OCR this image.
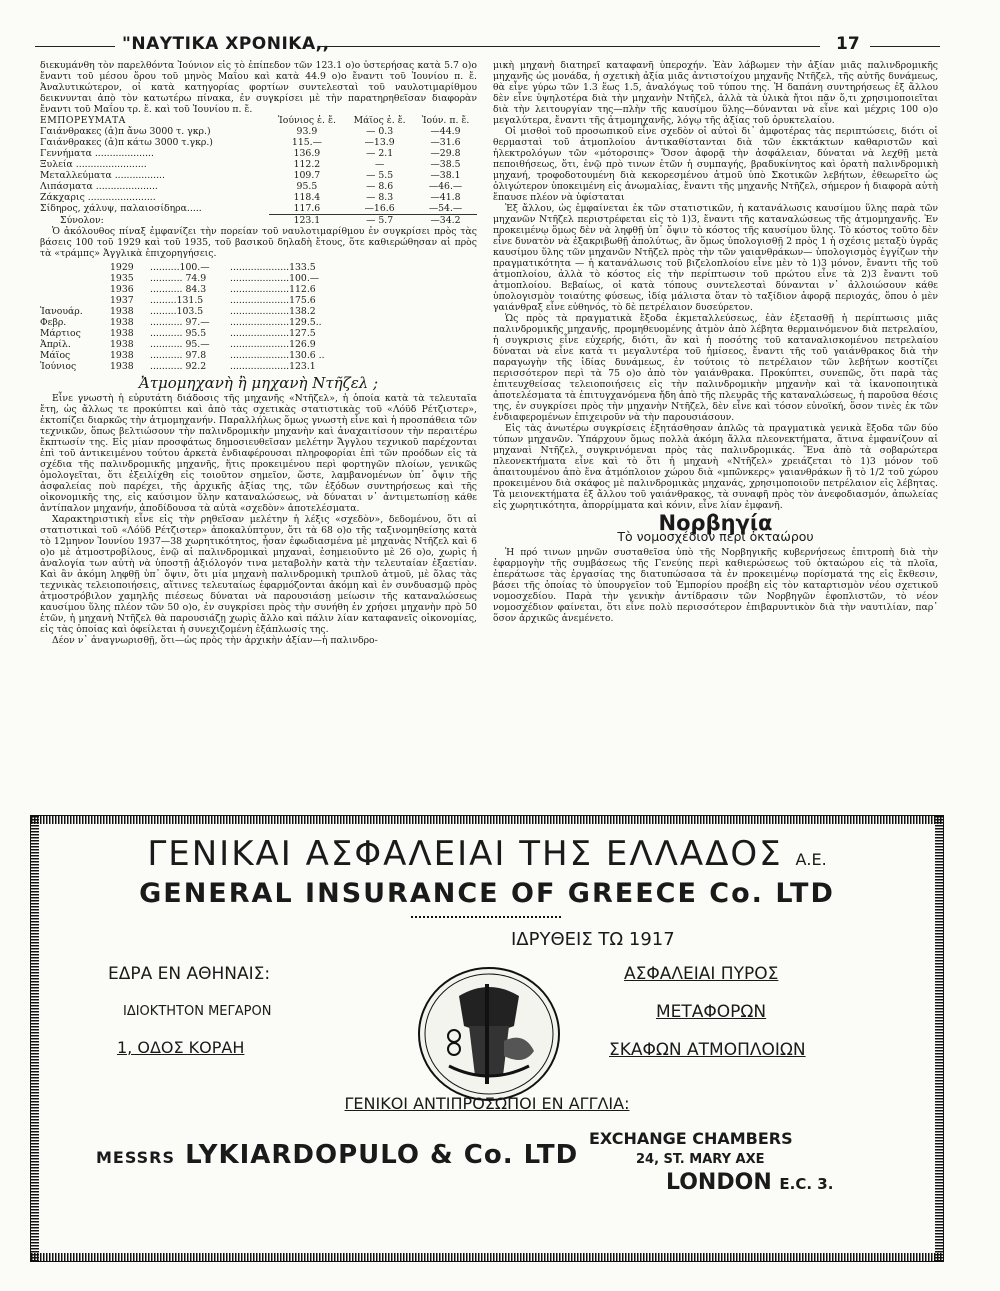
"ΝΑΥΤΙΚΑ ΧΡΟΝΙΚΑ,,	17

διεκυμάνθη τὸν παρελθόντα Ἰούνιον εἰς τὸ ἐπίπεδον τῶν 123.1 ο)ο ὑστερήσας κατὰ 5.7 ο)ο ἔναντι τοῦ μέσου ὅρου τοῦ μηνὸς Μαΐου καὶ κατὰ 44.9 ο)ο ἔναντι τοῦ Ἰουνίου π. ἔ. Ἀναλυτικώτερον, οἱ κατὰ κατηγορίας φορτίων συντελεσταὶ τοῦ ναυλοτιμαρίθμου δεικνυνται ἀπὸ τὸν κατωτέρω πίνακα, ἐν συγκρίσει μὲ τὴν παρατηρηθεῖσαν διαφορὰν ἔναντι τοῦ Μαΐου τρ. ἔ. καὶ τοῦ Ἰουνίου π. ἔ.

ΕΜΠΟΡΕΥΜΑΤΑ	Ἰούνιος ἐ. ἔ.	Μάϊος ἐ. ἔ.	Ἰούν. π. ἔ.
Γαιάνθρακες (ἀ)π ἄνω 3000 τ. γκρ.)	93.9	— 0.3	—44.9
Γαιάνθρακες (ἀ)π κάτω 3000 τ.γκρ.)	115.—	—13.9	—31.6
Γεννήματα ....................	136.9	— 2.1	—29.8
Ξυλεία ........................	112.2	—	—38.5
Μεταλλεύματα .................	109.7	— 5.5	—38.1
Λιπάσματα .....................	95.5	— 8.6	—46.—
Ζάκχαρις .......................	118.4	— 8.3	—41.8
Σίδηρος, χάλυψ, παλαιοσίδηρα.....	117.6	—16.6	—54.—
Σύνολον:	123.1	— 5.7	—34.2

Ὁ ἀκόλουθος πίναξ ἐμφανίζει τὴν πορείαν τοῦ ναυλοτιμαρίθμου ἐν συγκρίσει πρὸς τὰς βάσεις 100 τοῦ 1929 καὶ τοῦ 1935, τοῦ βασικοῦ δηλαδὴ ἔτους, ὅτε καθιερώθησαν αἱ πρὸς τὰ «τράμπς» Ἀγγλικὰ ἐπιχορηγήσεις.

1929	..........100.—	....................133.5
1935	........... 74.9	....................100.—
1936	........... 84.3	....................112.6
1937	.........131.5	....................175.6
Ἰανουάρ.	1938	.........103.5	....................138.2
Φεβρ.	1938	........... 97.—	....................129.5..
Μάρτιος	1938	........... 95.5	....................127.5
Ἀπρίλ.	1938	........... 95.—	....................126.9
Μάϊος	1938	........... 97.8	....................130.6 ..
Ἰούνιος	1938	........... 92.2	....................123.1
Ἀτμομηχανὴ ἢ μηχανὴ Ντῆζελ ;

Εἶνε γνωστὴ ἡ εὐρυτάτη διάδοσις τῆς μηχανῆς «Ντῆζελ», ἡ ὁποία κατὰ τὰ τελευταῖα ἔτη, ὡς ἄλλως τε προκύπτει καὶ ἀπὸ τὰς σχετικὰς στατιστικὰς τοῦ «Λόϋδ Ρέτζιστερ», ἐκτοπίζει διαρκῶς τὴν ἀτμομηχανήν. Παραλλήλως ὅμως γνωστὴ εἶνε καὶ ἡ προσπάθεια τῶν τεχνικῶν, ὅπως βελτιώσουν τὴν παλινδρομικὴν μηχανὴν καὶ ἀναχαιτίσουν τὴν περαιτέρω ἔκπτωσίν της. Εἰς μίαν προσφάτως δημοσιευθεῖσαν μελέτην Ἄγγλου τεχνικοῦ παρέχονται ἐπὶ τοῦ ἀντικειμένου τούτου ἀρκετὰ ἐνδιαφέρουσαι πληροφορίαι ἐπὶ τῶν προόδων εἰς τὰ σχέδια τῆς παλινδρομικῆς μηχανῆς, ἥτις προκειμένου περὶ φορτηγῶν πλοίων, γενικῶς ὁμολογεῖται, ὅτι ἐξειλίχθη εἰς τοιοῦτον σημεῖον, ὥστε, λαμβανομένων ὑπ᾽ ὄψιν τῆς ἀσφαλείας ποὺ παρέχει, τῆς ἀρχικῆς ἀξίας της, τῶν ἐξόδων συντηρήσεως καὶ τῆς οἰκονομικῆς της, εἰς καύσιμον ὕλην καταναλώσεως, νὰ δύναται ν᾽ ἀντιμετωπίσῃ κάθε ἀντίπαλον μηχανήν, ἀποδίδουσα τὰ αὐτὰ «σχεδὸν» ἀποτελέσματα.

Χαρακτηριστικὴ εἶνε εἰς τὴν ρηθεῖσαν μελέτην ἡ λέξις «σχεδὸν», δεδομένου, ὅτι αἱ στατιστικαὶ τοῦ «Λόϋδ Ρέτζιστερ» ἀποκαλύπτουν, ὅτι τὰ 68 ο)ο τῆς ταξινομηθείσης κατὰ τὸ 12μηνον Ἰουνίου 1937—38 χωρητικότητος, ἦσαν ἐφωδιασμένα μὲ μηχανὰς Ντῆζελ καὶ 6 ο)ο μὲ ἀτμοστροβίλους, ἐνῷ αἱ παλινδρομικαὶ μηχαναὶ, ἐσημειοῦντο μὲ 26 ο)ο, χωρὶς ἡ ἀναλογία των αὐτὴ νὰ ὑποστῇ ἀξιόλογόν τινα μεταβολὴν κατὰ τὴν τελευταίαν ἐξαετίαν. Καὶ ἂν ἀκόμη ληφθῇ ὑπ᾽ ὄψιν, ὅτι μία μηχανὴ παλινδρομικὴ τριπλοῦ ἀτμοῦ, μὲ ὅλας τὰς τεχνικὰς τελειοποιήσεις, αἵτινες τελευταίως ἐφαρμόζονται ἀκόμη καὶ ἐν συνδυασμῷ πρὸς ἀτμοστρόβιλον χαμηλῆς πιέσεως δύναται νὰ παρουσιάσῃ μείωσιν τῆς καταναλώσεως καυσίμου ὕλης πλέον τῶν 50 ο)ο, ἐν συγκρίσει πρὸς τὴν συνήθη ἐν χρήσει μηχανὴν πρὸ 50 ἐτῶν, ἡ μηχανὴ Ντῆζελ θὰ παρουσιάζῃ χωρὶς ἄλλο καὶ πάλιν λίαν καταφανεῖς οἰκονομίας, εἰς τὰς ὁποίας καὶ ὀφείλεται ἡ συνεχιζομένη ἐξάπλωσίς της.

Δέον ν᾽ ἀναγνωρισθῇ, ὅτι—ὡς πρὸς τὴν ἀρχικὴν ἀξίαν—ἡ παλινδρο-

μικὴ μηχανὴ διατηρεῖ καταφανῆ ὑπεροχήν. Ἐὰν λάβωμεν τὴν ἀξίαν μιᾶς παλινδρομικῆς μηχανῆς ὡς μονάδα, ἡ σχετικὴ ἀξία μιᾶς ἀντιστοίχου μηχανῆς Ντῆζελ, τῆς αὐτῆς δυνάμεως, θὰ εἶνε γύρω τῶν 1.3 ἕως 1.5, ἀναλόγως τοῦ τύπου της. Ἡ δαπάνη συντηρήσεως ἐξ ἄλλου δὲν εἶνε ὑψηλοτέρα διὰ τὴν μηχανὴν Ντῆζελ, ἀλλὰ τὰ ὑλικὰ ἤτοι πᾶν ὅ,τι χρησιμοποιεῖται διὰ τὴν λειτουργίαν της—πλὴν τῆς καυσίμου ὕλης—δύνανται νὰ εἶνε καὶ μέχρις 100 ο)ο μεγαλύτερα, ἔναντι τῆς ἀτμομηχανῆς, λόγῳ τῆς ἀξίας τοῦ ὀρυκτελαίου.

Οἱ μισθοὶ τοῦ προσωπικοῦ εἶνε σχεδὸν οἱ αὐτοὶ δι᾽ ἀμφοτέρας τὰς περιπτώσεις, διότι οἱ θερμασταὶ τοῦ ἀτμοπλοίου ἀντικαθίστανται διὰ τῶν ἐκκτάκτων καθαριστῶν καὶ ἠλεκτρολόγων τῶν «μότορσιπς» Ὅσον ἀφορᾷ τὴν ἀσφάλειαν, δύναται νὰ λεχθῇ μετὰ πεποιθήσεως, ὅτι, ἐνῷ πρὸ τινων ἐτῶν ἡ συμπαγής, βραδυκίνητος καὶ ὁρατὴ παλινδρομικὴ μηχανή, τροφοδοτουμένη διὰ κεκορεσμένου ἀτμοῦ ὑπὸ Σκοτικῶν λεβήτων, ἐθεωρεῖτο ὡς ὀλιγώτερον ὑποκειμένη εἰς ἀνωμαλίας, ἔναντι τῆς μηχανῆς Ντῆζελ, σήμερον ἡ διαφορὰ αὐτὴ ἔπαυσε πλέον νὰ ὑφίσταται

Ἐξ ἄλλου, ὡς ἐμφαίνεται ἐκ τῶν στατιστικῶν, ἡ κατανάλωσις καυσίμου ὕλης παρὰ τῶν μηχανῶν Ντῆζελ περιστρέφεται εἰς τὸ 1)3, ἔναντι τῆς καταναλώσεως τῆς ἀτμομηχανῆς. Ἐν προκειμένῳ ὅμως δὲν νὰ ληφθῇ ὑπ᾽ ὄψιν τὸ κόστος τῆς καυσίμου ὕλης. Τὸ κόστος τοῦτο δὲν εἶνε δυνατὸν νὰ ἐξακριβωθῇ ἀπολύτως, ἂν ὅμως ὑπολογισθῇ 2 πρὸς 1 ἡ σχέσις μεταξὺ ὑγρᾶς καυσίμου ὕλης τῶν μηχανῶν Ντῆζελ πρὸς τὴν τῶν γαιανθράκων— ὑπολογισμὸς ἐγγίζων τὴν πραγματικότητα — ἡ κατανάλωσις τοῦ βιζελοπλοίου εἶνε μὲν τὸ 1)3 μόνον, ἔναντι τῆς τοῦ ἀτμοπλοίου, ἀλλὰ τὸ κόστος εἰς τὴν περίπτωσιν τοῦ πρώτου εἶνε τὰ 2)3 ἔναντι τοῦ ἀτμοπλοίου. Βεβαίως, οἱ κατὰ τόπους συντελεσταὶ δύνανται ν᾽ ἀλλοιώσουν κάθε ὑπολογισμὸν τοιαύτης φύσεως, ἰδίᾳ μάλιστα ὅταν τὸ ταξίδιον ἀφορᾷ περιοχάς, ὅπου ὁ μὲν γαιάνθραξ εἶνε εὐθηνός, τὸ δὲ πετρέλαιον δυσεύρετον.

Ὡς πρὸς τὰ πραγματικὰ ἔξοδα ἐκμεταλλεύσεως, ἐὰν ἐξετασθῇ ἡ περίπτωσις μιᾶς παλινδρομικῆς μηχανῆς, προμηθευομένης ἀτμὸν ἀπὸ λέβητα θερμαινόμενον διὰ πετρελαίου, ἡ συγκρισις εἶνε εὐχερής, διότι, ἂν καὶ ἡ ποσότης τοῦ καταναλισκομένου πετρελαίου δύναται νὰ εἶνε κατὰ τι μεγαλυτέρα τοῦ ἡμίσεος, ἔναντι τῆς τοῦ γαιάνθρακος διὰ τὴν παραγωγὴν τῆς ἰδίας δυνάμεως, ἐν τούτοις τὸ πετρέλαιον τῶν λεβήτων κοστίζει περισσότερον περὶ τὰ 75 ο)ο ἀπὸ τὸν γαιάνθρακα. Προκύπτει, συνεπῶς, ὅτι παρὰ τὰς ἐπιτευχθείσας τελειοποιήσεις εἰς τὴν παλινδρομικὴν μηχανὴν καὶ τὰ ἱκανοποιητικὰ ἀποτελέσματα τὰ ἐπιτυγχανόμενα ἤδη ἀπὸ τῆς πλευρᾶς τῆς καταναλώσεως, ἡ παροῦσα θέσις της, ἐν συγκρίσει πρὸς τὴν μηχανὴν Ντῆζελ, δὲν εἶνε καὶ τόσον εὐνοϊκή, ὅσον τινὲς ἐκ τῶν ἐνδιαφερομένων ἐπιχειροῦν νὰ τὴν παρουσιάσουν.

Εἰς τὰς ἀνωτέρω συγκρίσεις ἐξητάσθησαν ἁπλῶς τὰ πραγματικὰ γενικὰ ἔξοδα τῶν δύο τύπων μηχανῶν. Ὑπάρχουν ὅμως πολλὰ ἀκόμη ἄλλα πλεονεκτήματα, ἅτινα ἐμφανίζουν αἱ μηχαναὶ Ντῆζελ, συγκρινόμεναι πρὸς τὰς παλινδρομικάς. Ἕνα ἀπὸ τὰ σοβαρώτερα πλεονεκτήματα εἶνε καὶ τὸ ὅτι ἡ μηχανὴ «Ντῆζελ» χρειάζεται τὸ 1)3 μόνον τοῦ ἀπαιτουμένου ἀπὸ ἕνα ἀτμόπλοιον χώρου διὰ «μπῶνκερς» γαιανθράκων ἢ τὸ 1/2 τοῦ χώρου προκειμένου διὰ σκάφος μὲ παλινδρομικὰς μηχανάς, χρησιμοποιοῦν πετρέλαιον εἰς λέβητας. Τὰ μειονεκτήματα ἐξ ἄλλου τοῦ γαιάνθρακος, τὰ συναφῆ πρὸς τὸν ἀνεφοδιασμόν, ἀπωλείας εἰς χωρητικότητα, ἀπορρίμματα καὶ κόνιν, εἶνε λίαν ἐμφανῆ.

Νορβηγία
Τὸ νομοσχέδιον περὶ ὀκταώρου

Ἡ πρό τινων μηνῶν συσταθεῖσα ὑπὸ τῆς Νορβηγικῆς κυβερνήσεως ἐπιτροπὴ διὰ τὴν ἐφαρμογὴν τῆς συμβάσεως τῆς Γενεύης περὶ καθιερώσεως τοῦ ὀκταώρου εἰς τὰ πλοῖα, ἐπεράτωσε τὰς ἐργασίας της διατυπώσασα τὰ ἐν προκειμένῳ πορίσματά της εἰς ἔκθεσιν, βάσει τῆς ὁποίας τὸ ὑπουργεῖον τοῦ Ἐμπορίου προέβη εἰς τὸν καταρτισμὸν νέου σχετικοῦ νομοσχεδίου. Παρὰ τὴν γενικὴν ἀντίδρασιν τῶν Νορβηγῶν ἐφοπλιστῶν, τὸ νέον νομοσχέδιον φαίνεται, ὅτι εἶνε πολὺ περισσότερον ἐπιβαρυντικὸν διὰ τὴν ναυτιλίαν, παρ᾽ ὅσον ἀρχικῶς ἀνεμένετο.

ΓΕΝΙΚΑΙ ΑΣΦΑΛΕΙΑΙ ΤΗΣ ΕΛΛΑΔΟΣ Α.Ε.
GENERAL INSURANCE OF GREECE Co. LTD
ΙΔΡΥΘΕΙΣ ΤΩ 1917
ΕΔΡΑ ΕΝ ΑΘΗΝΑΙΣ:
ΙΔΙΟΚΤΗΤΟΝ ΜΕΓΑΡΟΝ
1, ΟΔΟΣ ΚΟΡΑΗ
ΑΣΦΑΛΕΙΑΙ ΠΥΡΟΣ
ΜΕΤΑΦΟΡΩΝ
ΣΚΑΦΩΝ ΑΤΜΟΠΛΟΙΩΝ
ΓΕΝΙΚΟΙ ΑΝΤΙΠΡΟΣΩΠΟΙ ΕΝ ΑΓΓΛΙΑ:
MESSRS LYKIARDOPULO & Co. LTD
EXCHANGE CHAMBERS
24, ST. MARY AXE
LONDON E.C. 3.
